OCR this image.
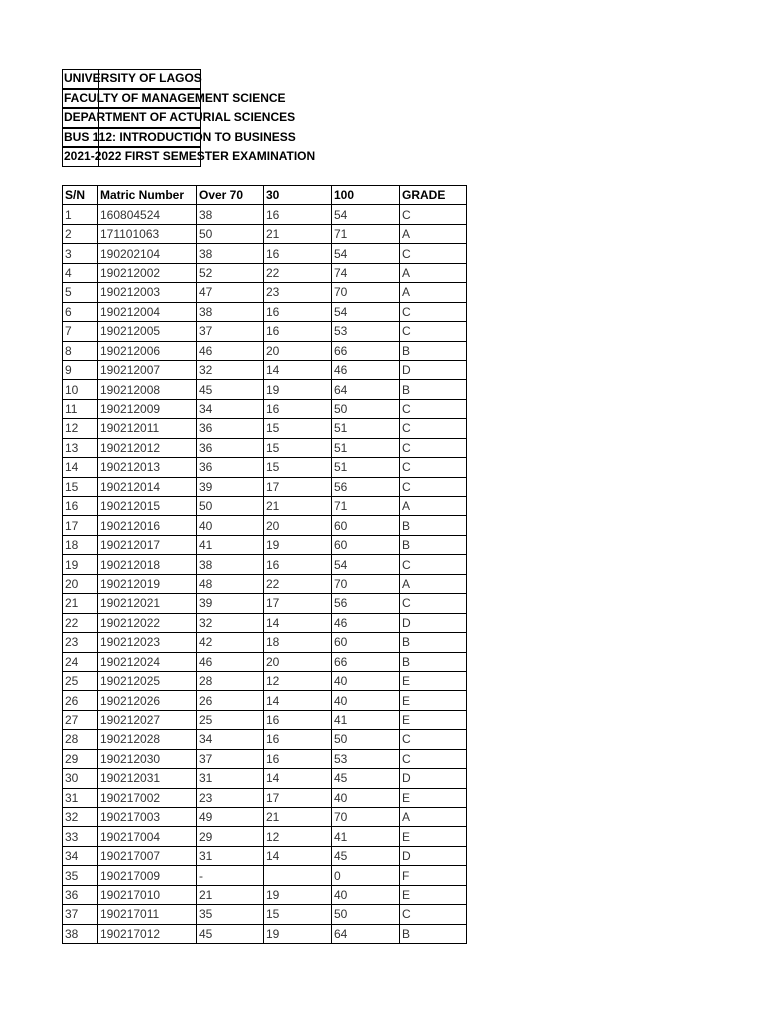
UNIVERSITY OF LAGOS
FACULTY OF MANAGEMENT SCIENCE
DEPARTMENT OF ACTURIAL SCIENCES
BUS 112: INTRODUCTION TO BUSINESS
2021-2022 FIRST SEMESTER EXAMINATION
S/N	Matric Number	Over 70	30	100	GRADE
1	160804524	38	16	54	C
2	171101063	50	21	71	A
3	190202104	38	16	54	C
4	190212002	52	22	74	A
5	190212003	47	23	70	A
6	190212004	38	16	54	C
7	190212005	37	16	53	C
8	190212006	46	20	66	B
9	190212007	32	14	46	D
10	190212008	45	19	64	B
11	190212009	34	16	50	C
12	190212011	36	15	51	C
13	190212012	36	15	51	C
14	190212013	36	15	51	C
15	190212014	39	17	56	C
16	190212015	50	21	71	A
17	190212016	40	20	60	B
18	190212017	41	19	60	B
19	190212018	38	16	54	C
20	190212019	48	22	70	A
21	190212021	39	17	56	C
22	190212022	32	14	46	D
23	190212023	42	18	60	B
24	190212024	46	20	66	B
25	190212025	28	12	40	E
26	190212026	26	14	40	E
27	190212027	25	16	41	E
28	190212028	34	16	50	C
29	190212030	37	16	53	C
30	190212031	31	14	45	D
31	190217002	23	17	40	E
32	190217003	49	21	70	A
33	190217004	29	12	41	E
34	190217007	31	14	45	D
35	190217009	-		0	F
36	190217010	21	19	40	E
37	190217011	35	15	50	C
38	190217012	45	19	64	B
